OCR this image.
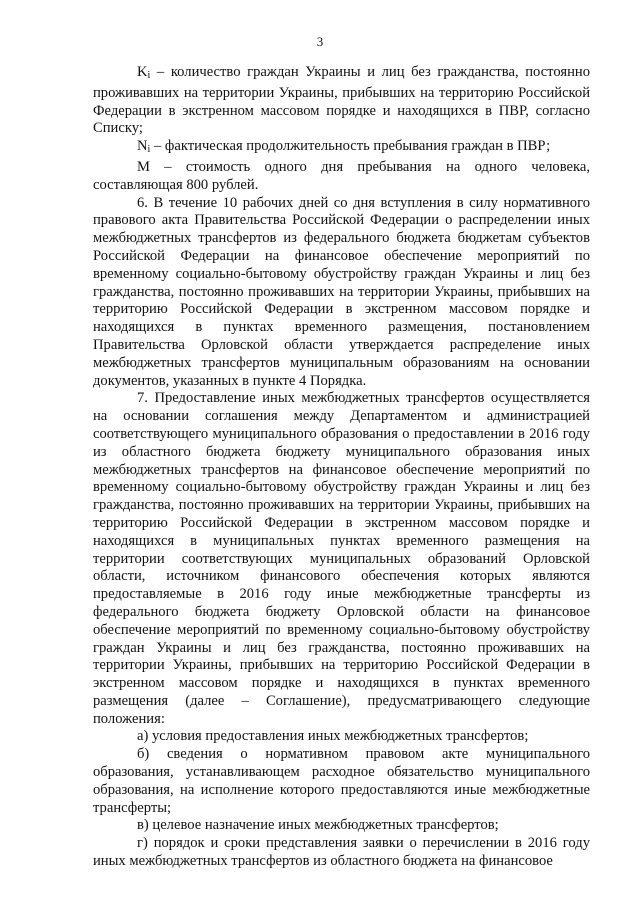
3

$K_i$ – количество граждан Украины и лиц без гражданства, постоянно проживавших на территории Украины, прибывших на территорию Российской Федерации в экстренном массовом порядке и находящихся в ПВР, согласно Списку;

$N_i$ – фактическая продолжительность пребывания граждан в ПВР;

М – стоимость одного дня пребывания на одного человека, составляющая 800 рублей.

6. В течение 10 рабочих дней со дня вступления в силу нормативного правового акта Правительства Российской Федерации о распределении иных межбюджетных трансфертов из федерального бюджета бюджетам субъектов Российской Федерации на финансовое обеспечение мероприятий по временному социально-бытовому обустройству граждан Украины и лиц без гражданства, постоянно проживавших на территории Украины, прибывших на территорию Российской Федерации в экстренном массовом порядке и находящихся в пунктах временного размещения, постановлением Правительства Орловской области утверждается распределение иных межбюджетных трансфертов муниципальным образованиям на основании документов, указанных в пункте 4 Порядка.

7. Предоставление иных межбюджетных трансфертов осуществляется на основании соглашения между Департаментом и администрацией соответствующего муниципального образования о предоставлении в 2016 году из областного бюджета бюджету муниципального образования иных межбюджетных трансфертов на финансовое обеспечение мероприятий по временному социально-бытовому обустройству граждан Украины и лиц без гражданства, постоянно проживавших на территории Украины, прибывших на территорию Российской Федерации в экстренном массовом порядке и находящихся в муниципальных пунктах временного размещения на территории соответствующих муниципальных образований Орловской области, источником финансового обеспечения которых являются предоставляемые в 2016 году иные межбюджетные трансферты из федерального бюджета бюджету Орловской области на финансовое обеспечение мероприятий по временному социально-бытовому обустройству граждан Украины и лиц без гражданства, постоянно проживавших на территории Украины, прибывших на территорию Российской Федерации в экстренном массовом порядке и находящихся в пунктах временного размещения (далее – Соглашение), предусматривающего следующие положения:

а) условия предоставления иных межбюджетных трансфертов;

б) сведения о нормативном правовом акте муниципального образования, устанавливающем расходное обязательство муниципального образования, на исполнение которого предоставляются иные межбюджетные трансферты;

в) целевое назначение иных межбюджетных трансфертов;

г) порядок и сроки представления заявки о перечислении в 2016 году иных межбюджетных трансфертов из областного бюджета на финансовое
